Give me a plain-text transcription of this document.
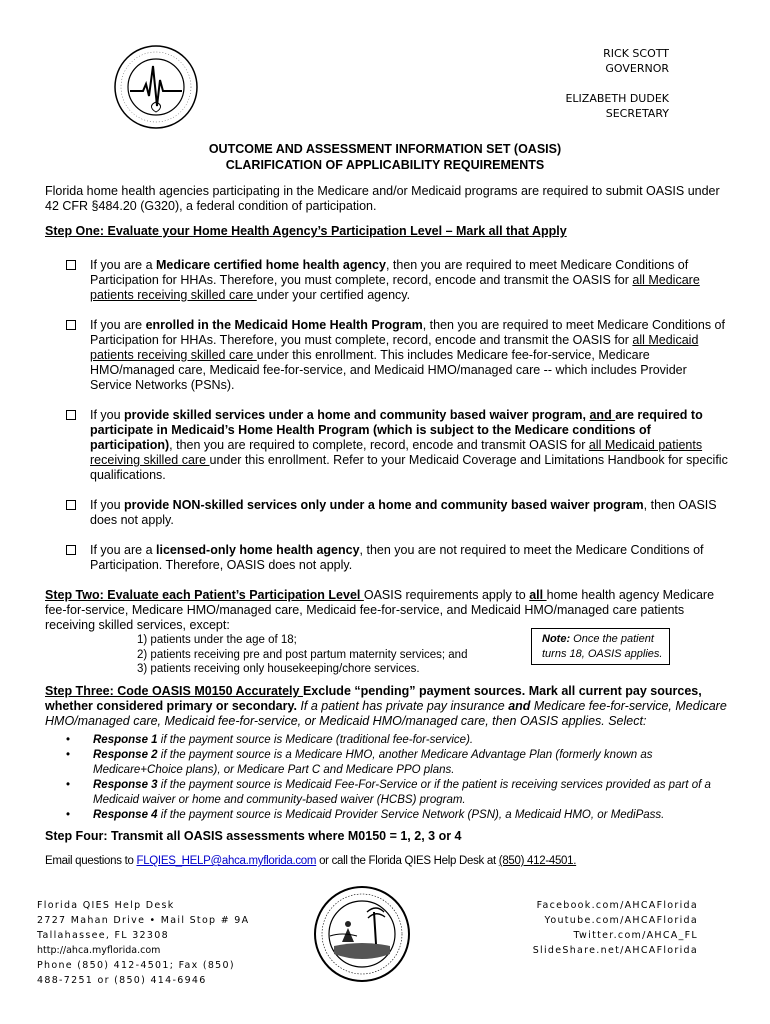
RICK SCOTT
GOVERNOR
ELIZABETH DUDEK
SECRETARY
OUTCOME AND ASSESSMENT INFORMATION SET (OASIS)
CLARIFICATION OF APPLICABILITY REQUIREMENTS
Florida home health agencies participating in the Medicare and/or Medicaid programs are required to submit OASIS under 42 CFR §484.20 (G320), a federal condition of participation.
Step One: Evaluate your Home Health Agency’s Participation Level – Mark all that Apply
If you are a Medicare certified home health agency, then you are required to meet Medicare Conditions of Participation for HHAs. Therefore, you must complete, record, encode and transmit the OASIS for all Medicare patients receiving skilled care under your certified agency.
If you are enrolled in the Medicaid Home Health Program, then you are required to meet Medicare Conditions of Participation for HHAs. Therefore, you must complete, record, encode and transmit the OASIS for all Medicaid patients receiving skilled care under this enrollment. This includes Medicare fee-for-service, Medicare HMO/managed care, Medicaid fee-for-service, and Medicaid HMO/managed care -- which includes Provider Service Networks (PSNs).
If you provide skilled services under a home and community based waiver program, and are required to participate in Medicaid’s Home Health Program (which is subject to the Medicare conditions of participation), then you are required to complete, record, encode and transmit OASIS for all Medicaid patients receiving skilled care under this enrollment. Refer to your Medicaid Coverage and Limitations Handbook for specific qualifications.
If you provide NON-skilled services only under a home and community based waiver program, then OASIS does not apply.
If you are a licensed-only home health agency, then you are not required to meet the Medicare Conditions of Participation. Therefore, OASIS does not apply.
Step Two: Evaluate each Patient’s Participation Level OASIS requirements apply to all home health agency Medicare fee-for-service, Medicare HMO/managed care, Medicaid fee-for-service, and Medicaid HMO/managed care patients receiving skilled services, except:
1) patients under the age of 18;
2) patients receiving pre and post partum maternity services; and
3) patients receiving only housekeeping/chore services.
Note: Once the patient turns 18, OASIS applies.
Step Three: Code OASIS M0150 Accurately Exclude “pending” payment sources. Mark all current pay sources, whether considered primary or secondary. If a patient has private pay insurance and Medicare fee-for-service, Medicare HMO/managed care, Medicaid fee-for-service, or Medicaid HMO/managed care, then OASIS applies. Select:
• Response 1 if the payment source is Medicare (traditional fee-for-service).
• Response 2 if the payment source is a Medicare HMO, another Medicare Advantage Plan (formerly known as Medicare+Choice plans), or Medicare Part C and Medicare PPO plans.
• Response 3 if the payment source is Medicaid Fee-For-Service or if the patient is receiving services provided as part of a Medicaid waiver or home and community-based waiver (HCBS) program.
• Response 4 if the payment source is Medicaid Provider Service Network (PSN), a Medicaid HMO, or MediPass.
Step Four: Transmit all OASIS assessments where M0150 = 1, 2, 3 or 4
Email questions to FLQIES_HELP@ahca.myflorida.com or call the Florida QIES Help Desk at (850) 412-4501.
Florida QIES Help Desk
2727 Mahan Drive • Mail Stop # 9A
Tallahassee, FL 32308
http://ahca.myflorida.com
Phone (850) 412-4501; Fax (850)
488-7251 or (850) 414-6946
Facebook.com/AHCAFlorida
Youtube.com/AHCAFlorida
Twitter.com/AHCA_FL
SlideShare.net/AHCAFlorida
